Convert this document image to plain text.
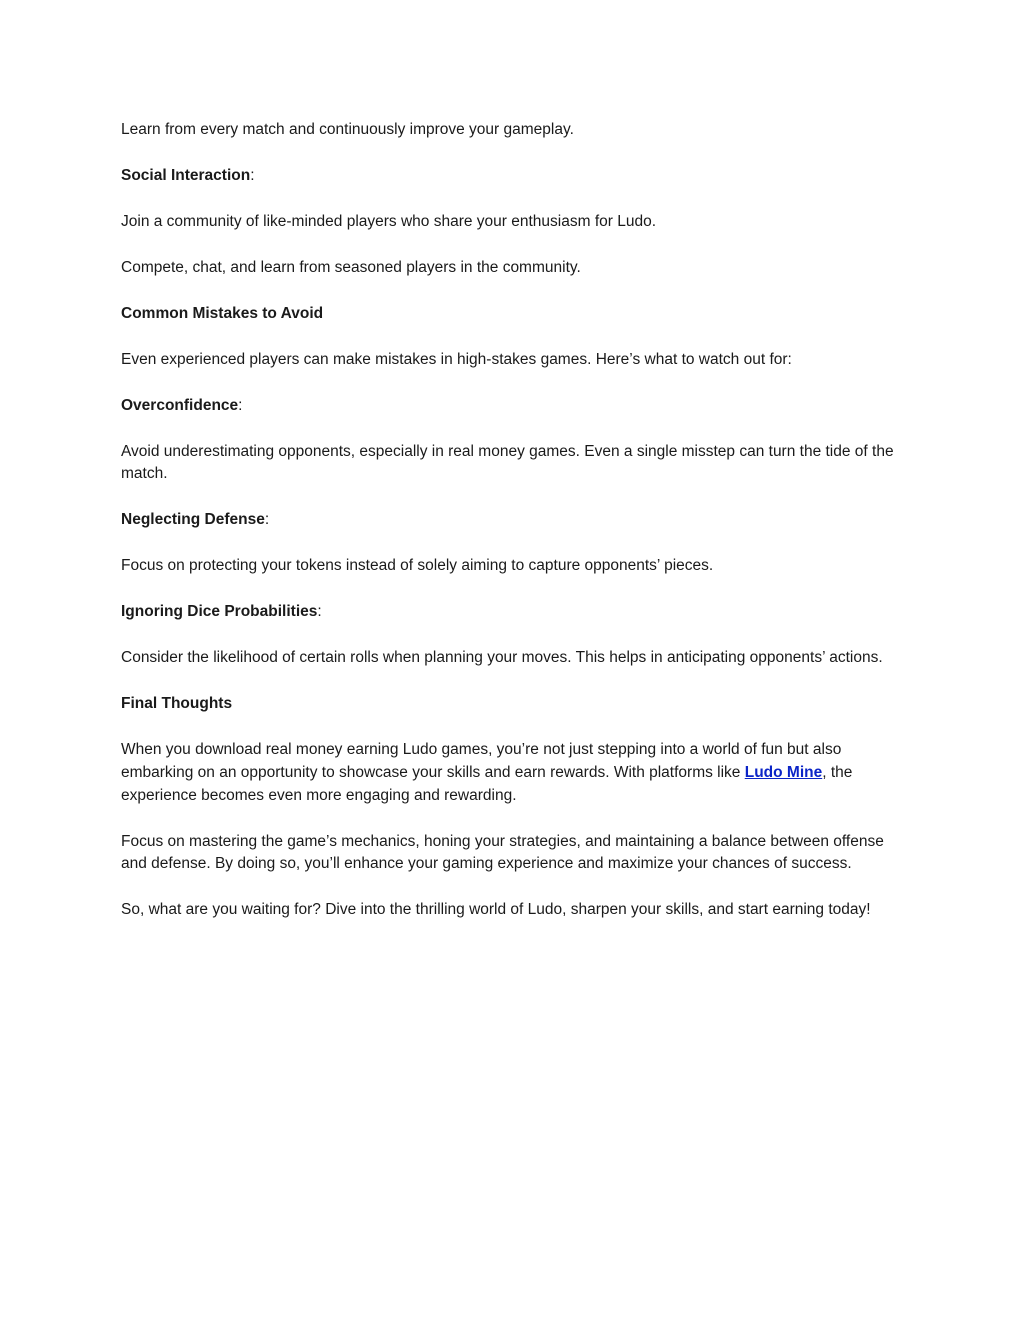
Learn from every match and continuously improve your gameplay.

Social Interaction:

Join a community of like-minded players who share your enthusiasm for Ludo.

Compete, chat, and learn from seasoned players in the community.

Common Mistakes to Avoid

Even experienced players can make mistakes in high-stakes games. Here’s what to watch out for:

Overconfidence:

Avoid underestimating opponents, especially in real money games. Even a single misstep can turn the tide of the match.

Neglecting Defense:

Focus on protecting your tokens instead of solely aiming to capture opponents’ pieces.

Ignoring Dice Probabilities:

Consider the likelihood of certain rolls when planning your moves. This helps in anticipating opponents’ actions.

Final Thoughts

When you download real money earning Ludo games, you’re not just stepping into a world of fun but also embarking on an opportunity to showcase your skills and earn rewards. With platforms like Ludo Mine, the experience becomes even more engaging and rewarding.

Focus on mastering the game’s mechanics, honing your strategies, and maintaining a balance between offense and defense. By doing so, you’ll enhance your gaming experience and maximize your chances of success.

So, what are you waiting for? Dive into the thrilling world of Ludo, sharpen your skills, and start earning today!
